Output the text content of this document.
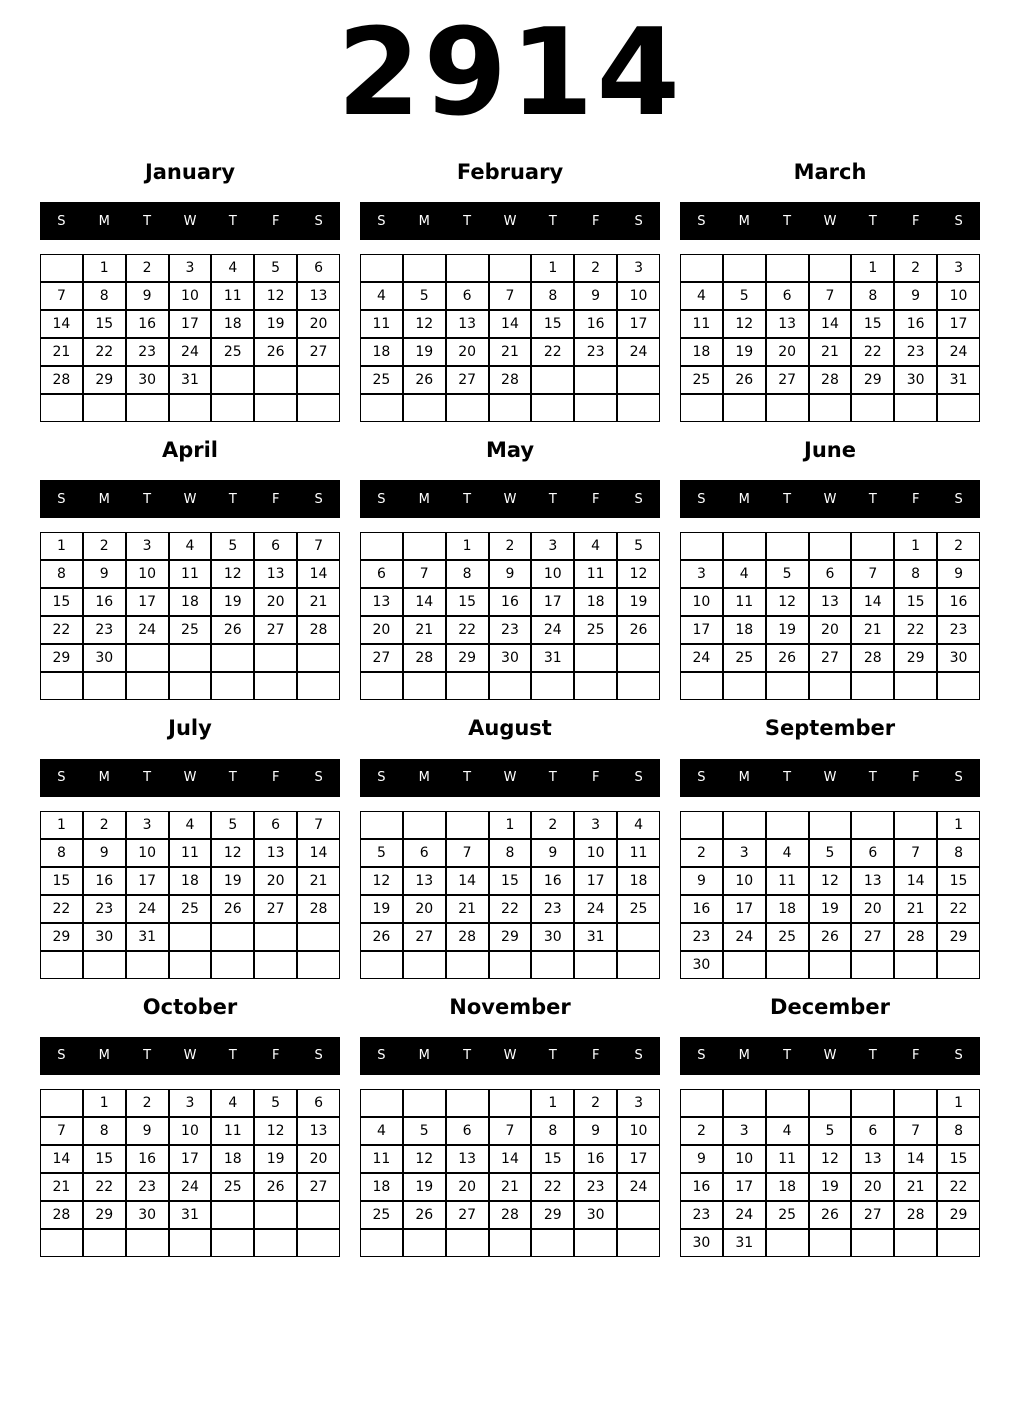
2914
January
S	M	T	W	T	F	S
	1	2	3	4	5	6
7	8	9	10	11	12	13
14	15	16	17	18	19	20
21	22	23	24	25	26	27
28	29	30	31			

February
S	M	T	W	T	F	S
				1	2	3
4	5	6	7	8	9	10
11	12	13	14	15	16	17
18	19	20	21	22	23	24
25	26	27	28			

March
S	M	T	W	T	F	S
				1	2	3
4	5	6	7	8	9	10
11	12	13	14	15	16	17
18	19	20	21	22	23	24
25	26	27	28	29	30	31

April
S	M	T	W	T	F	S
1	2	3	4	5	6	7
8	9	10	11	12	13	14
15	16	17	18	19	20	21
22	23	24	25	26	27	28
29	30					

May
S	M	T	W	T	F	S
		1	2	3	4	5
6	7	8	9	10	11	12
13	14	15	16	17	18	19
20	21	22	23	24	25	26
27	28	29	30	31		

June
S	M	T	W	T	F	S
					1	2
3	4	5	6	7	8	9
10	11	12	13	14	15	16
17	18	19	20	21	22	23
24	25	26	27	28	29	30

July
S	M	T	W	T	F	S
1	2	3	4	5	6	7
8	9	10	11	12	13	14
15	16	17	18	19	20	21
22	23	24	25	26	27	28
29	30	31				

August
S	M	T	W	T	F	S
			1	2	3	4
5	6	7	8	9	10	11
12	13	14	15	16	17	18
19	20	21	22	23	24	25
26	27	28	29	30	31	

September
S	M	T	W	T	F	S
						1
2	3	4	5	6	7	8
9	10	11	12	13	14	15
16	17	18	19	20	21	22
23	24	25	26	27	28	29
30						
October
S	M	T	W	T	F	S
	1	2	3	4	5	6
7	8	9	10	11	12	13
14	15	16	17	18	19	20
21	22	23	24	25	26	27
28	29	30	31			

November
S	M	T	W	T	F	S
				1	2	3
4	5	6	7	8	9	10
11	12	13	14	15	16	17
18	19	20	21	22	23	24
25	26	27	28	29	30	

December
S	M	T	W	T	F	S
						1
2	3	4	5	6	7	8
9	10	11	12	13	14	15
16	17	18	19	20	21	22
23	24	25	26	27	28	29
30	31					
